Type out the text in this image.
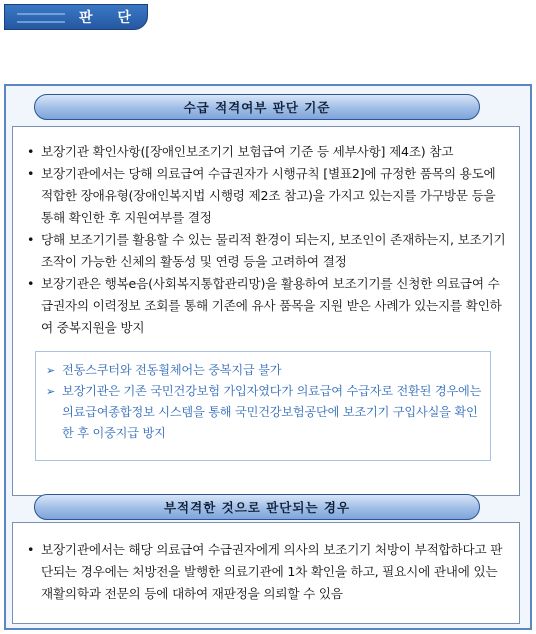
판 단
수급 적격여부 판단 기준
• 보장기관 확인사항([장애인보조기기 보험급여 기준 등 세부사항] 제4조) 참고
• 보장기관에서는 당해 의료급여 수급권자가 시행규칙 [별표2]에 규정한 품목의 용도에 적합한 장애유형(장애인복지법 시행령 제2조 참고)을 가지고 있는지를 가구방문 등을 통해 확인한 후 지원여부를 결정
• 당해 보조기기를 활용할 수 있는 물리적 환경이 되는지, 보조인이 존재하는지, 보조기기 조작이 가능한 신체의 활동성 및 연령 등을 고려하여 결정
• 보장기관은 행복e음(사회복지통합관리망)을 활용하여 보조기기를 신청한 의료급여 수급권자의 이력정보 조회를 통해 기존에 유사 품목을 지원 받은 사례가 있는지를 확인하여 중복지원을 방지
➢ 전동스쿠터와 전동휠체어는 중복지급 불가
➢ 보장기관은 기존 국민건강보험 가입자였다가 의료급여 수급자로 전환된 경우에는 의료급여종합정보 시스템을 통해 국민건강보험공단에 보조기기 구입사실을 확인한 후 이중지급 방지
부적격한 것으로 판단되는 경우
• 보장기관에서는 해당 의료급여 수급권자에게 의사의 보조기기 처방이 부적합하다고 판단되는 경우에는 처방전을 발행한 의료기관에 1차 확인을 하고, 필요시에 관내에 있는 재활의학과 전문의 등에 대하여 재판정을 의뢰할 수 있음
